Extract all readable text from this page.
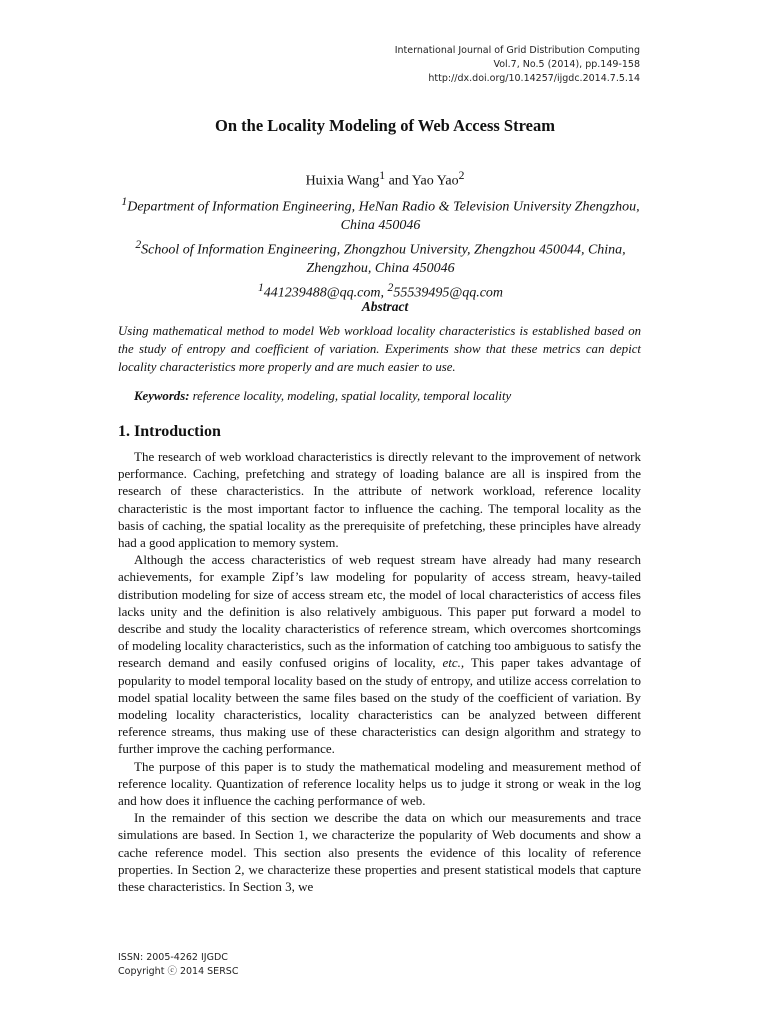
International Journal of Grid Distribution Computing
Vol.7, No.5 (2014), pp.149-158
http://dx.doi.org/10.14257/ijgdc.2014.7.5.14
On the Locality Modeling of Web Access Stream
Huixia Wang$^1$ and Yao Yao$^2$
$^1$Department of Information Engineering, HeNan Radio & Television University Zhengzhou, China 450046
$^2$School of Information Engineering, Zhongzhou University, Zhengzhou 450044, China, Zhengzhou, China 450046
$^1$441239488@qq.com, $^2$55539495@qq.com
Abstract

Using mathematical method to model Web workload locality characteristics is established based on the study of entropy and coefficient of variation. Experiments show that these metrics can depict locality characteristics more properly and are much easier to use.

Keywords: reference locality, modeling, spatial locality, temporal locality
1. Introduction

The research of web workload characteristics is directly relevant to the improvement of network performance. Caching, prefetching and strategy of loading balance are all is inspired from the research of these characteristics. In the attribute of network workload, reference locality characteristic is the most important factor to influence the caching. The temporal locality as the basis of caching, the spatial locality as the prerequisite of prefetching, these principles have already had a good application to memory system.

Although the access characteristics of web request stream have already had many research achievements, for example Zipf’s law modeling for popularity of access stream, heavy-tailed distribution modeling for size of access stream etc, the model of local characteristics of access files lacks unity and the definition is also relatively ambiguous. This paper put forward a model to describe and study the locality characteristics of reference stream, which overcomes shortcomings of modeling locality characteristics, such as the information of catching too ambiguous to satisfy the research demand and easily confused origins of locality, etc., This paper takes advantage of popularity to model temporal locality based on the study of entropy, and utilize access correlation to model spatial locality between the same files based on the study of the coefficient of variation. By modeling locality characteristics, locality characteristics can be analyzed between different reference streams, thus making use of these characteristics can design algorithm and strategy to further improve the caching performance.

The purpose of this paper is to study the mathematical modeling and measurement method of reference locality. Quantization of reference locality helps us to judge it strong or weak in the log and how does it influence the caching performance of web.

In the remainder of this section we describe the data on which our measurements and trace simulations are based. In Section 1, we characterize the popularity of Web documents and show a cache reference model. This section also presents the evidence of this locality of reference properties. In Section 2, we characterize these properties and present statistical models that capture these characteristics. In Section 3, we

ISSN: 2005-4262 IJGDC
Copyright ⓒ 2014 SERSC
